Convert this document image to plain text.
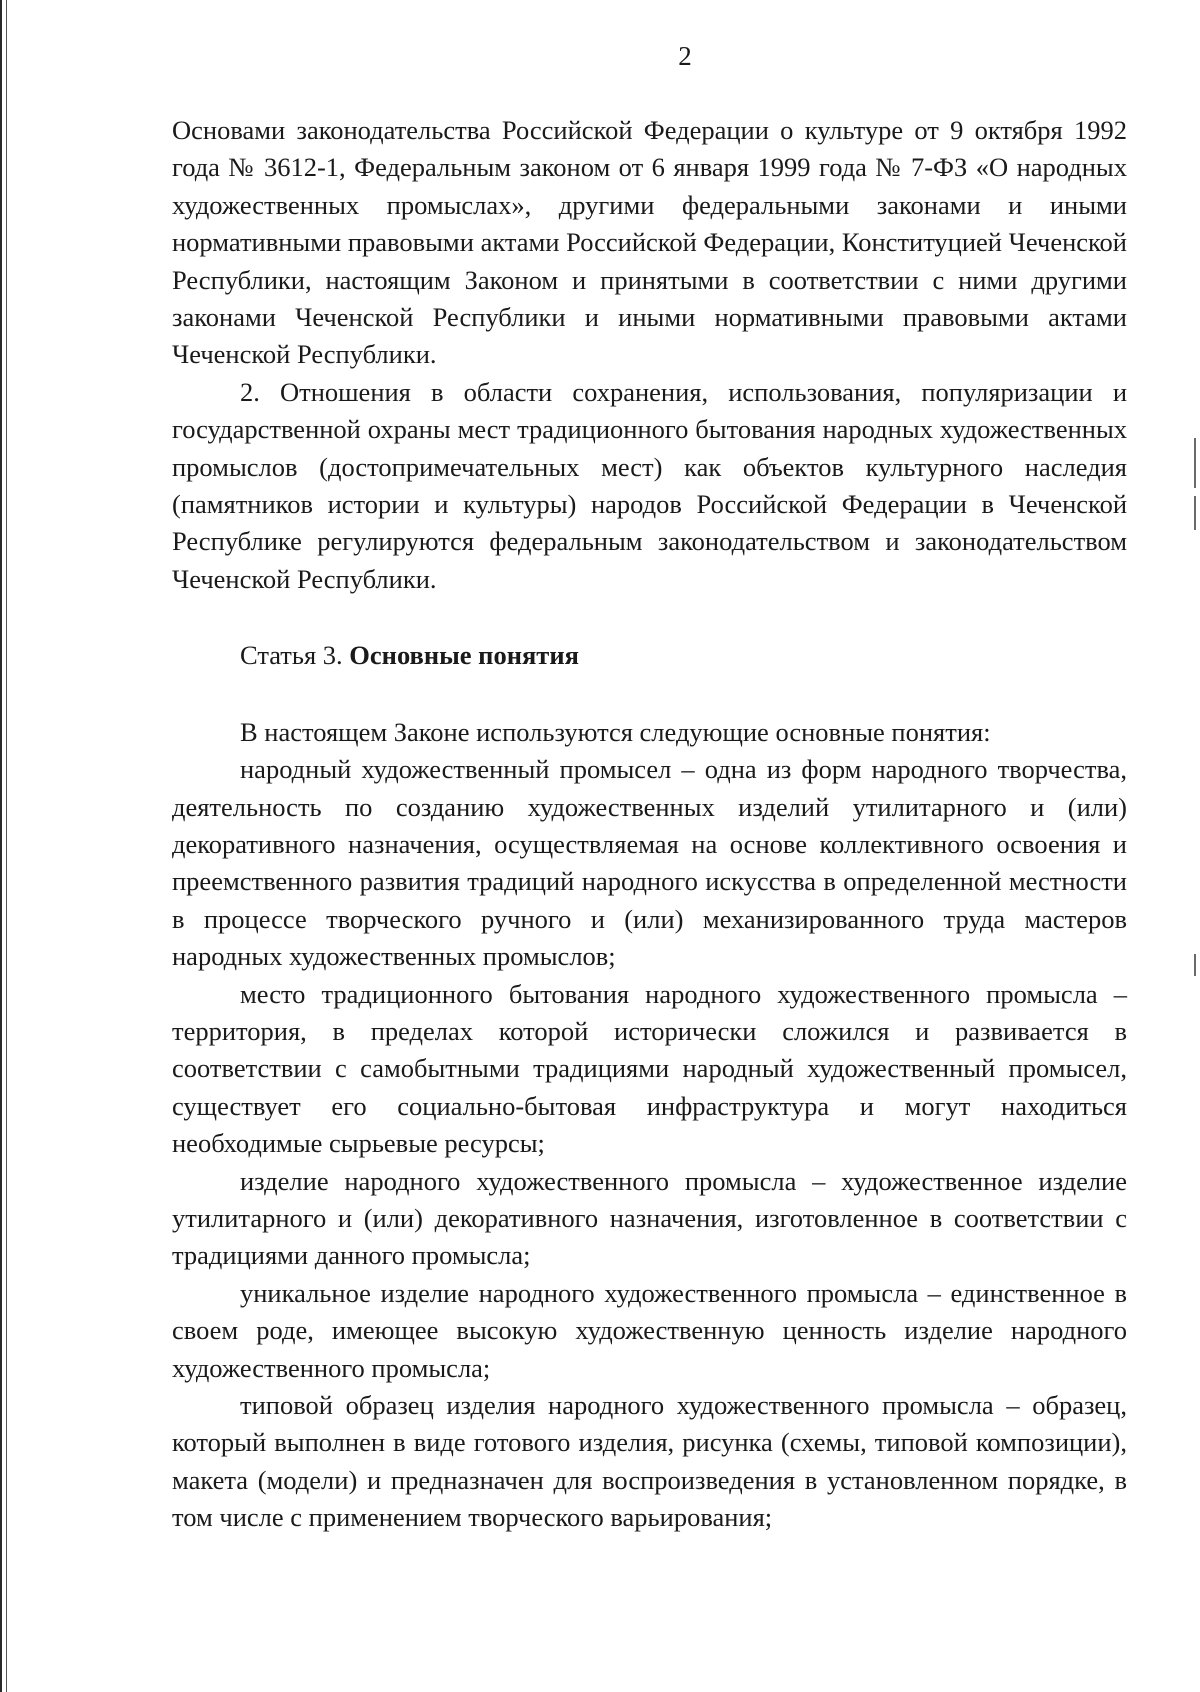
2

Основами законодательства Российской Федерации о культуре от 9 октября 1992 года № 3612-1, Федеральным законом от 6 января 1999 года № 7-ФЗ «О народных художественных промыслах», другими федеральными законами и иными нормативными правовыми актами Российской Федерации, Конституцией Чеченской Республики, настоящим Законом и принятыми в соответствии с ними другими законами Чеченской Республики и иными нормативными правовыми актами Чеченской Республики.

2. Отношения в области сохранения, использования, популяризации и государственной охраны мест традиционного бытования народных художественных промыслов (достопримечательных мест) как объектов культурного наследия (памятников истории и культуры) народов Российской Федерации в Чеченской Республике регулируются федеральным законодательством и законодательством Чеченской Республики.

Статья 3. Основные понятия

В настоящем Законе используются следующие основные понятия:

народный художественный промысел – одна из форм народного творчества, деятельность по созданию художественных изделий утилитарного и (или) декоративного назначения, осуществляемая на основе коллективного освоения и преемственного развития традиций народного искусства в определенной местности в процессе творческого ручного и (или) механизированного труда мастеров народных художественных промыслов;

место традиционного бытования народного художественного промысла – территория, в пределах которой исторически сложился и развивается в соответствии с самобытными традициями народный художественный промысел, существует его социально-бытовая инфраструктура и могут находиться необходимые сырьевые ресурсы;

изделие народного художественного промысла – художественное изделие утилитарного и (или) декоративного назначения, изготовленное в соответствии с традициями данного промысла;

уникальное изделие народного художественного промысла – единственное в своем роде, имеющее высокую художественную ценность изделие народного художественного промысла;

типовой образец изделия народного художественного промысла – образец, который выполнен в виде готового изделия, рисунка (схемы, типовой композиции), макета (модели) и предназначен для воспроизведения в установленном порядке, в том числе с применением творческого варьирования;
